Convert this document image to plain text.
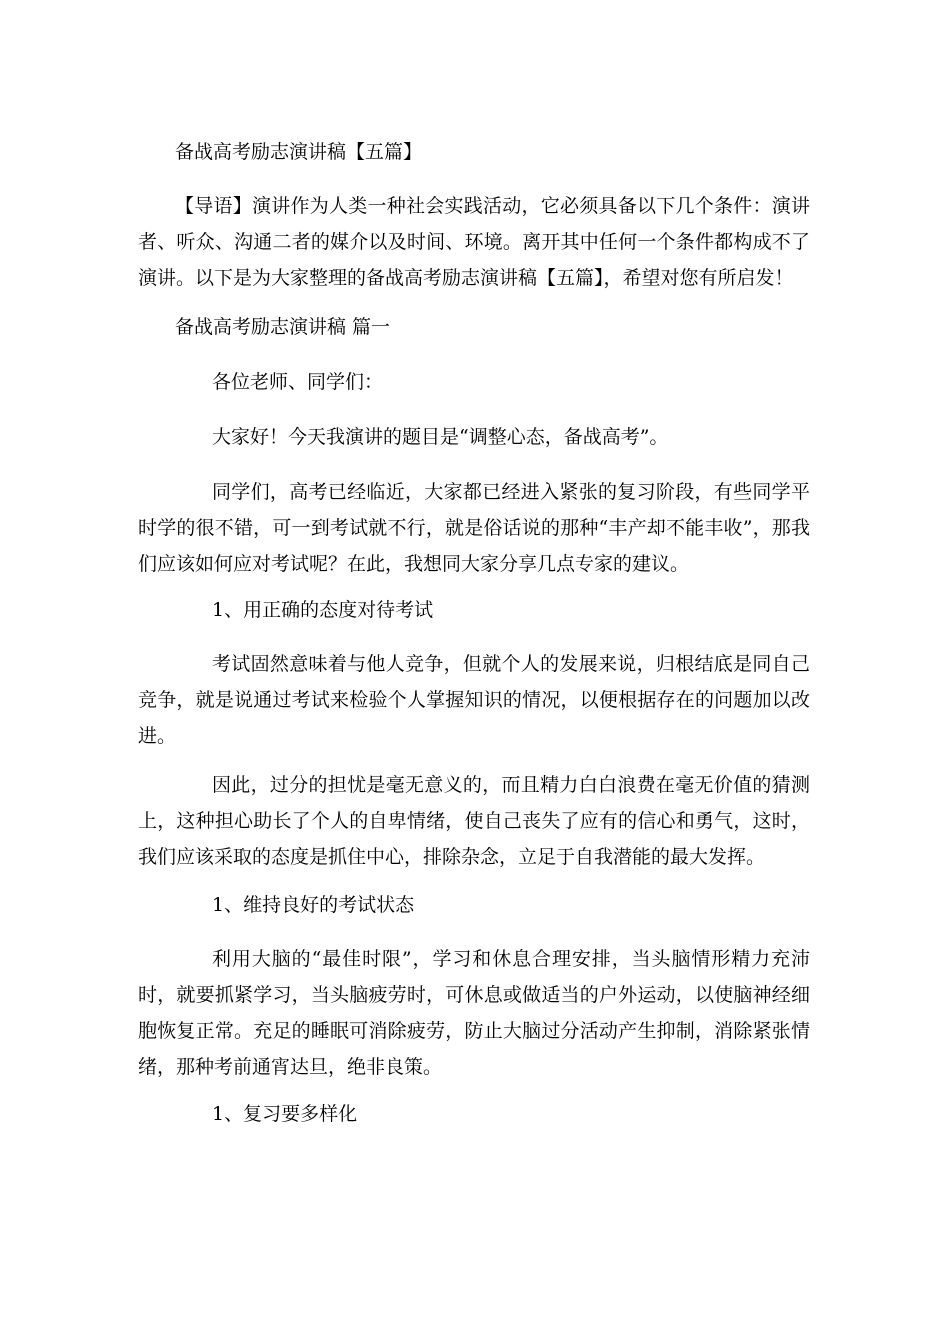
备战高考励志演讲稿【五篇】

【导语】演讲作为人类一种社会实践活动，它必须具备以下几个条件：演讲者、听众、沟通二者的媒介以及时间、环境。离开其中任何一个条件都构成不了演讲。以下是为大家整理的备战高考励志演讲稿【五篇】，希望对您有所启发！

备战高考励志演讲稿 篇一

各位老师、同学们：

大家好！今天我演讲的题目是“调整心态，备战高考”。

同学们，高考已经临近，大家都已经进入紧张的复习阶段，有些同学平时学的很不错，可一到考试就不行，就是俗话说的那种“丰产却不能丰收”，那我们应该如何应对考试呢？在此，我想同大家分享几点专家的建议。

1、用正确的态度对待考试

考试固然意味着与他人竞争，但就个人的发展来说，归根结底是同自己竞争，就是说通过考试来检验个人掌握知识的情况，以便根据存在的问题加以改进。

因此，过分的担忧是毫无意义的，而且精力白白浪费在毫无价值的猜测上，这种担心助长了个人的自卑情绪，使自己丧失了应有的信心和勇气，这时，我们应该采取的态度是抓住中心，排除杂念，立足于自我潜能的最大发挥。

1、维持良好的考试状态

利用大脑的“最佳时限”，学习和休息合理安排，当头脑情形精力充沛时，就要抓紧学习，当头脑疲劳时，可休息或做适当的户外运动，以使脑神经细胞恢复正常。充足的睡眠可消除疲劳，防止大脑过分活动产生抑制，消除紧张情绪，那种考前通宵达旦，绝非良策。

1、复习要多样化
